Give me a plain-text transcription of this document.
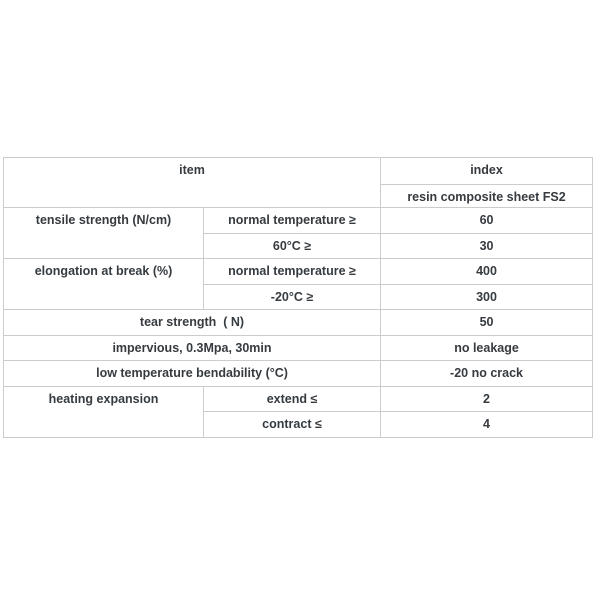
item		index
		resin composite sheet FS2
tensile strength (N/cm)	normal temperature ≥	60
	60°C ≥	30
elongation at break (%)	normal temperature ≥	400
	-20°C ≥	300
tear strength  ( N)		50
impervious, 0.3Mpa, 30min		no leakage
low temperature bendability (°C)		-20 no crack
heating expansion	extend ≤	2
	contract ≤	4
